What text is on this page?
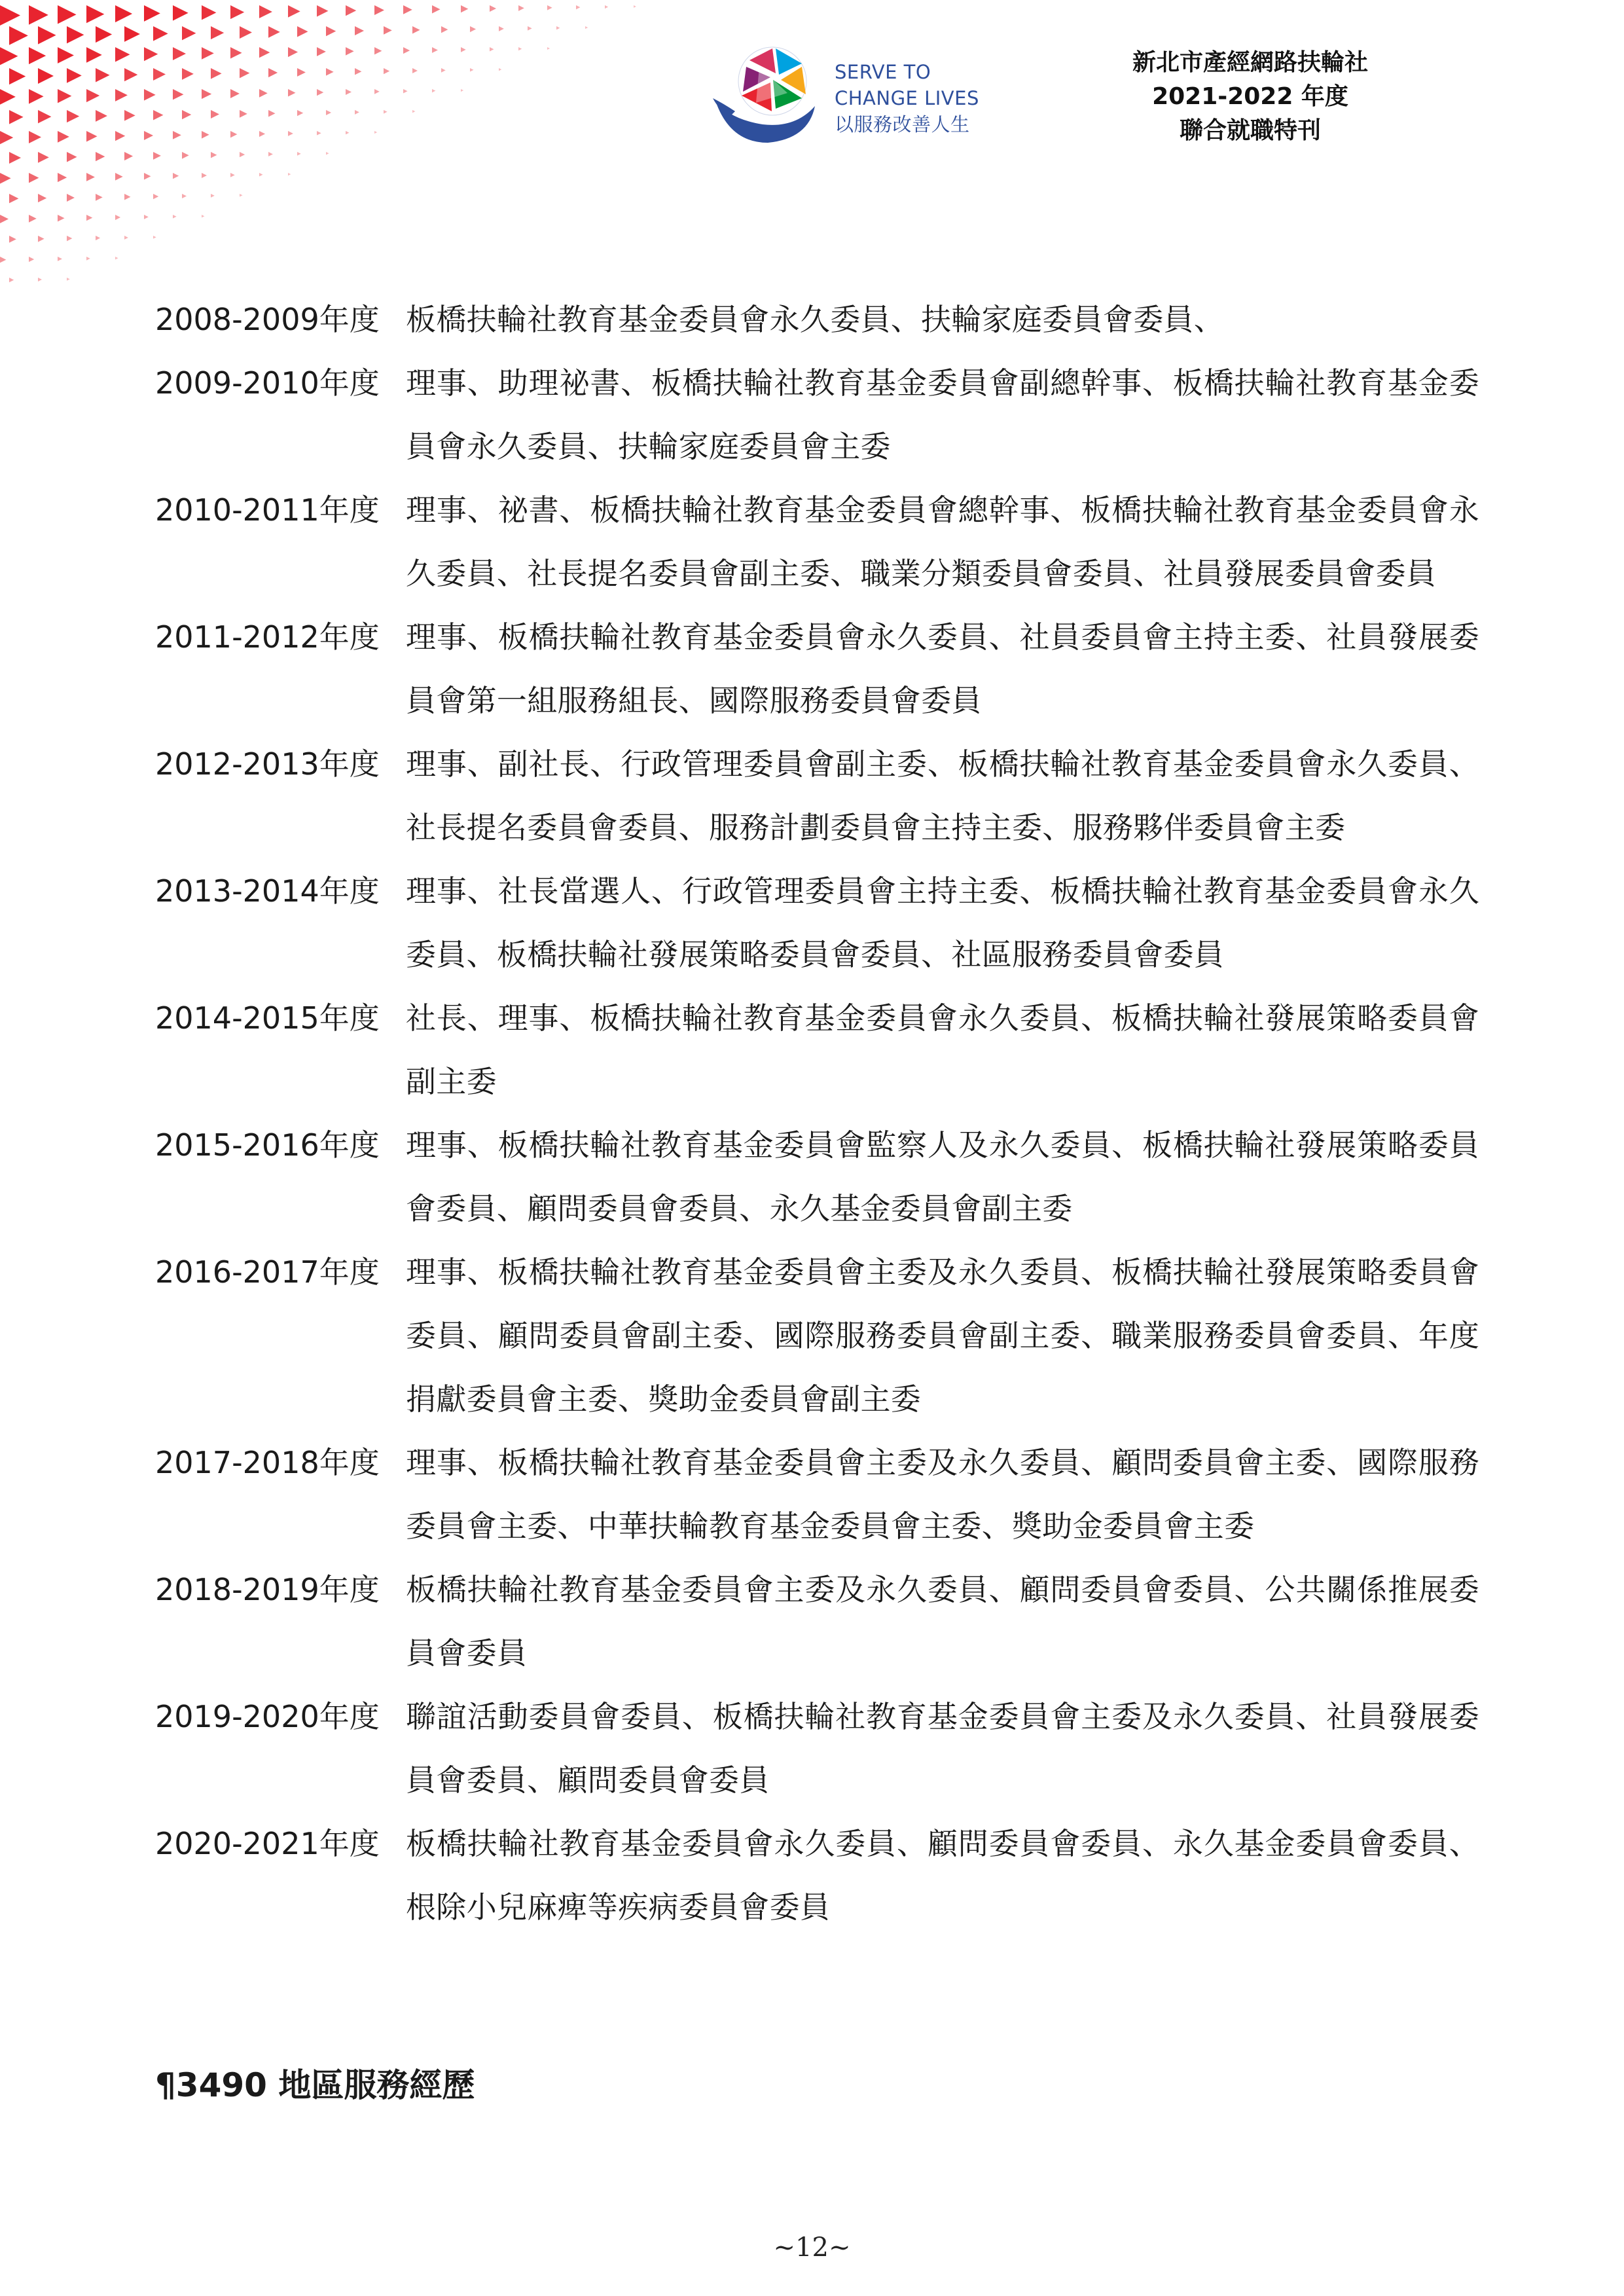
SERVE TO
CHANGE LIVES
以服務改善人生
新北市產經網路扶輪社
2021-2022 年度
聯合就職特刊
2008-2009年度 板橋扶輪社教育基金委員會永久委員、扶輪家庭委員會委員、
2009-2010年度 理事、助理祕書、板橋扶輪社教育基金委員會副總幹事、板橋扶輪社教育基金委員會永久委員、扶輪家庭委員會主委
2010-2011年度 理事、祕書、板橋扶輪社教育基金委員會總幹事、板橋扶輪社教育基金委員會永久委員、社長提名委員會副主委、職業分類委員會委員、社員發展委員會委員
2011-2012年度 理事、板橋扶輪社教育基金委員會永久委員、社員委員會主持主委、社員發展委員會第一組服務組長、國際服務委員會委員
2012-2013年度 理事、副社長、行政管理委員會副主委、板橋扶輪社教育基金委員會永久委員、社長提名委員會委員、服務計劃委員會主持主委、服務夥伴委員會主委
2013-2014年度 理事、社長當選人、行政管理委員會主持主委、板橋扶輪社教育基金委員會永久委員、板橋扶輪社發展策略委員會委員、社區服務委員會委員
2014-2015年度 社長、理事、板橋扶輪社教育基金委員會永久委員、板橋扶輪社發展策略委員會副主委
2015-2016年度 理事、板橋扶輪社教育基金委員會監察人及永久委員、板橋扶輪社發展策略委員會委員、顧問委員會委員、永久基金委員會副主委
2016-2017年度 理事、板橋扶輪社教育基金委員會主委及永久委員、板橋扶輪社發展策略委員會委員、顧問委員會副主委、國際服務委員會副主委、職業服務委員會委員、年度捐獻委員會主委、獎助金委員會副主委
2017-2018年度 理事、板橋扶輪社教育基金委員會主委及永久委員、顧問委員會主委、國際服務委員會主委、中華扶輪教育基金委員會主委、獎助金委員會主委
2018-2019年度 板橋扶輪社教育基金委員會主委及永久委員、顧問委員會委員、公共關係推展委員會委員
2019-2020年度 聯誼活動委員會委員、板橋扶輪社教育基金委員會主委及永久委員、社員發展委員會委員、顧問委員會委員
2020-2021年度 板橋扶輪社教育基金委員會永久委員、顧問委員會委員、永久基金委員會委員、根除小兒麻痺等疾病委員會委員
¶3490 地區服務經歷
~12~
